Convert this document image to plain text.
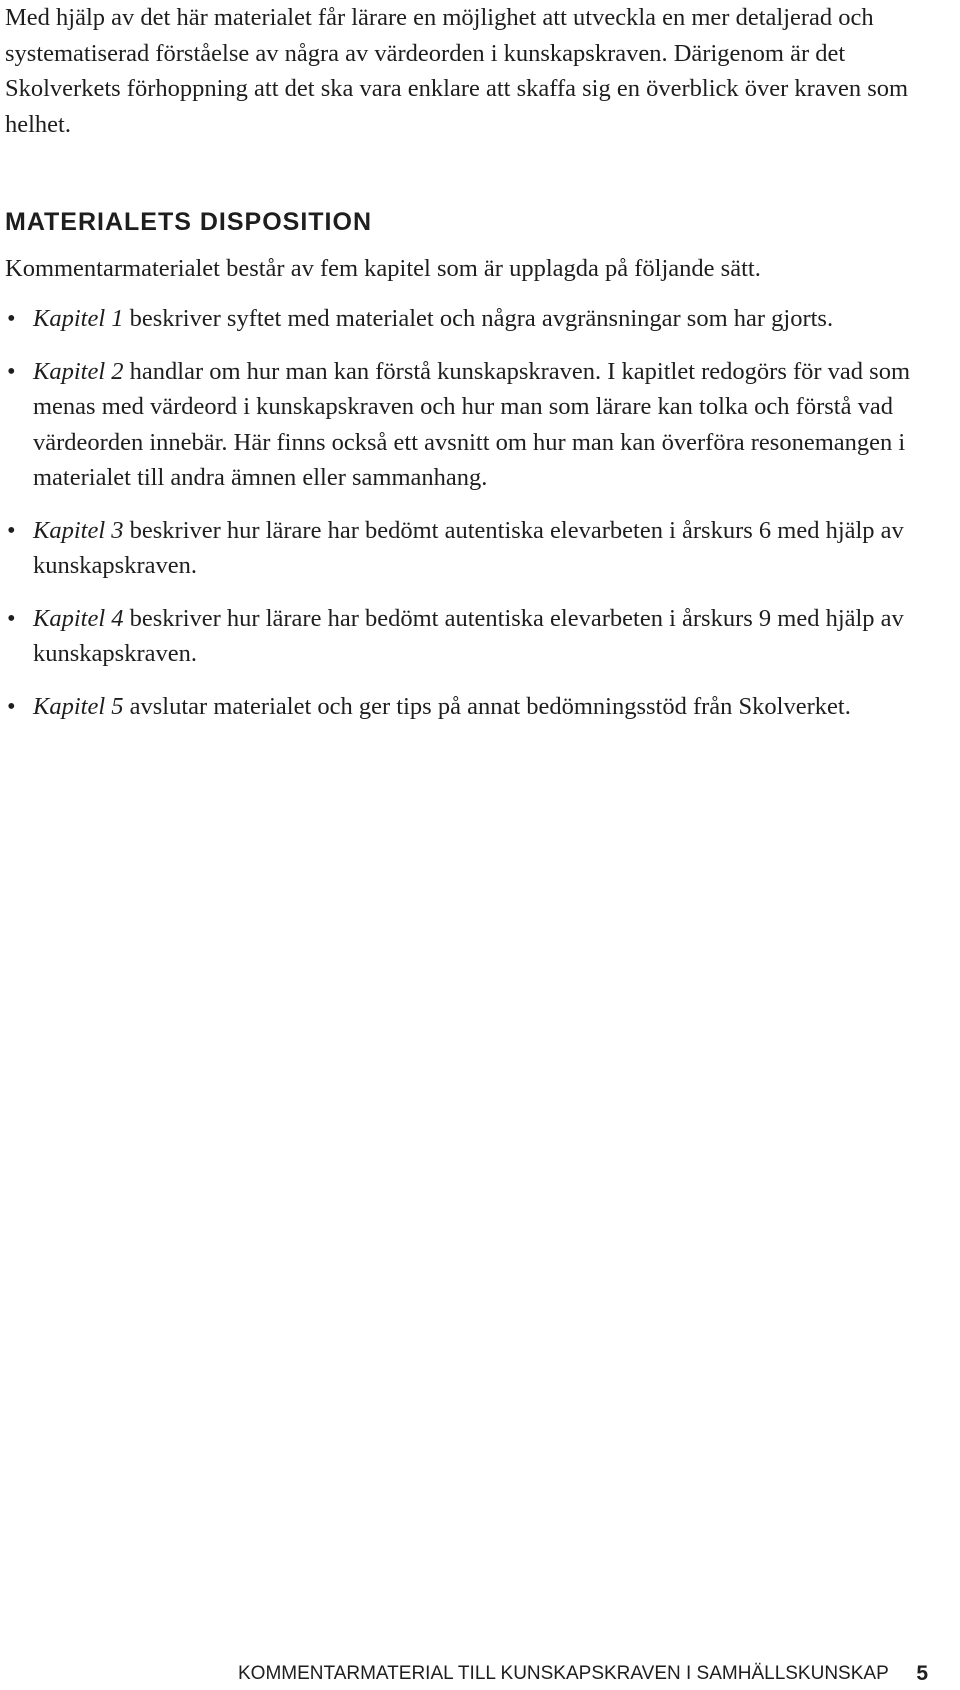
Med hjälp av det här materialet får lärare en möjlighet att utveckla en mer detaljerad och systematiserad förståelse av några av värdeorden i kunskapskraven. Därigenom är det Skolverkets förhoppning att det ska vara enklare att skaffa sig en överblick över kraven som helhet.

MATERIALETS DISPOSITION

Kommentarmaterialet består av fem kapitel som är upplagda på följande sätt.

• Kapitel 1 beskriver syftet med materialet och några avgränsningar som har gjorts.
• Kapitel 2 handlar om hur man kan förstå kunskapskraven. I kapitlet redogörs för vad som menas med värdeord i kunskapskraven och hur man som lärare kan tolka och förstå vad värdeorden innebär. Här finns också ett avsnitt om hur man kan överföra resonemangen i materialet till andra ämnen eller sammanhang.
• Kapitel 3 beskriver hur lärare har bedömt autentiska elevarbeten i årskurs 6 med hjälp av kunskapskraven.
• Kapitel 4 beskriver hur lärare har bedömt autentiska elevarbeten i årskurs 9 med hjälp av kunskapskraven.
• Kapitel 5 avslutar materialet och ger tips på annat bedömningsstöd från Skolverket.
KOMMENTARMATERIAL TILL KUNSKAPSKRAVEN I SAMHÄLLSKUNSKAP 5
